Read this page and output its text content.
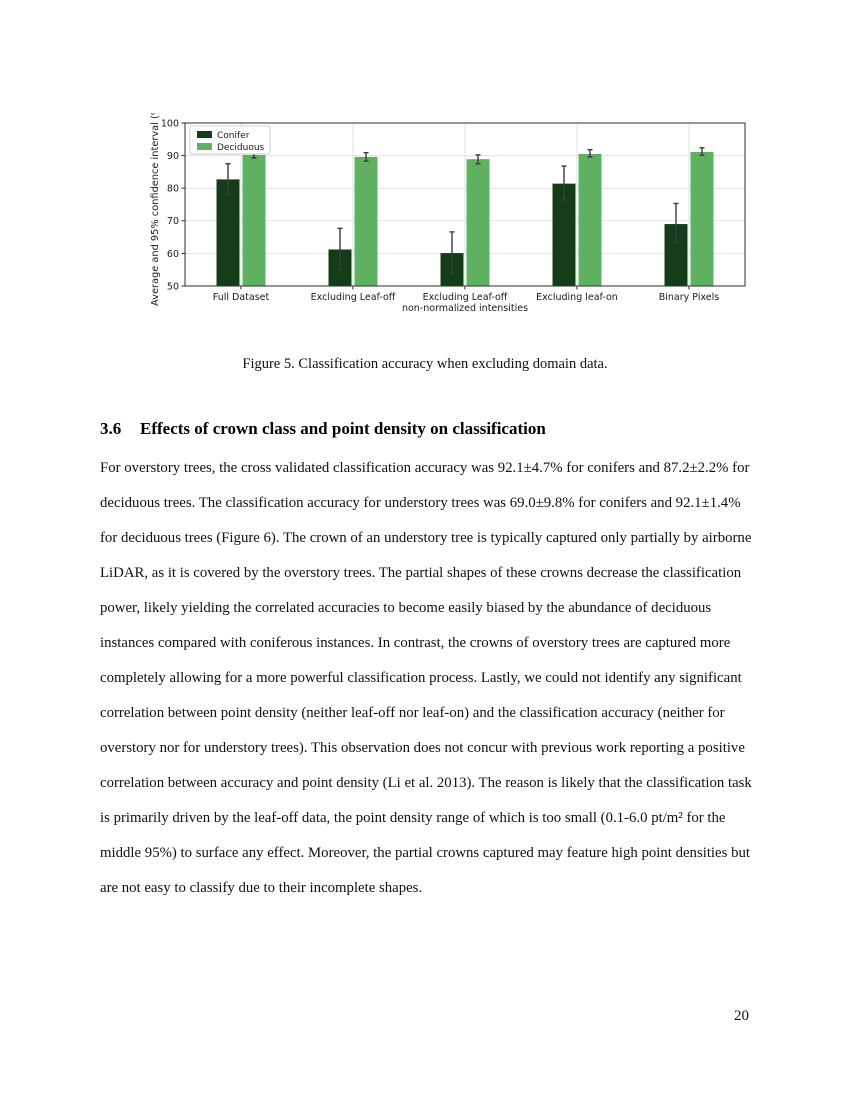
50
60
70
80
90
100
Full Dataset	Excluding Leaf-off	Excluding Leaf-off
non-normalized intensities
Excluding leaf-on	Binary Pixels
Average and 95% confidence interval (%)	Conifer
Deciduous
Figure 5. Classification accuracy when excluding domain data.
3.6 Effects of crown class and point density on classification
For overstory trees, the cross validated classification accuracy was 92.1±4.7% for conifers and 87.2±2.2% for deciduous trees. The classification accuracy for understory trees was 69.0±9.8% for conifers and 92.1±1.4% for deciduous trees (Figure 6). The crown of an understory tree is typically captured only partially by airborne LiDAR, as it is covered by the overstory trees. The partial shapes of these crowns decrease the classification power, likely yielding the correlated accuracies to become easily biased by the abundance of deciduous instances compared with coniferous instances. In contrast, the crowns of overstory trees are captured more completely allowing for a more powerful classification process. Lastly, we could not identify any significant correlation between point density (neither leaf-off nor leaf-on) and the classification accuracy (neither for overstory nor for understory trees). This observation does not concur with previous work reporting a positive correlation between accuracy and point density (Li et al. 2013). The reason is likely that the classification task is primarily driven by the leaf-off data, the point density range of which is too small (0.1-6.0 pt/m² for the middle 95%) to surface any effect. Moreover, the partial crowns captured may feature high point densities but are not easy to classify due to their incomplete shapes.
20
